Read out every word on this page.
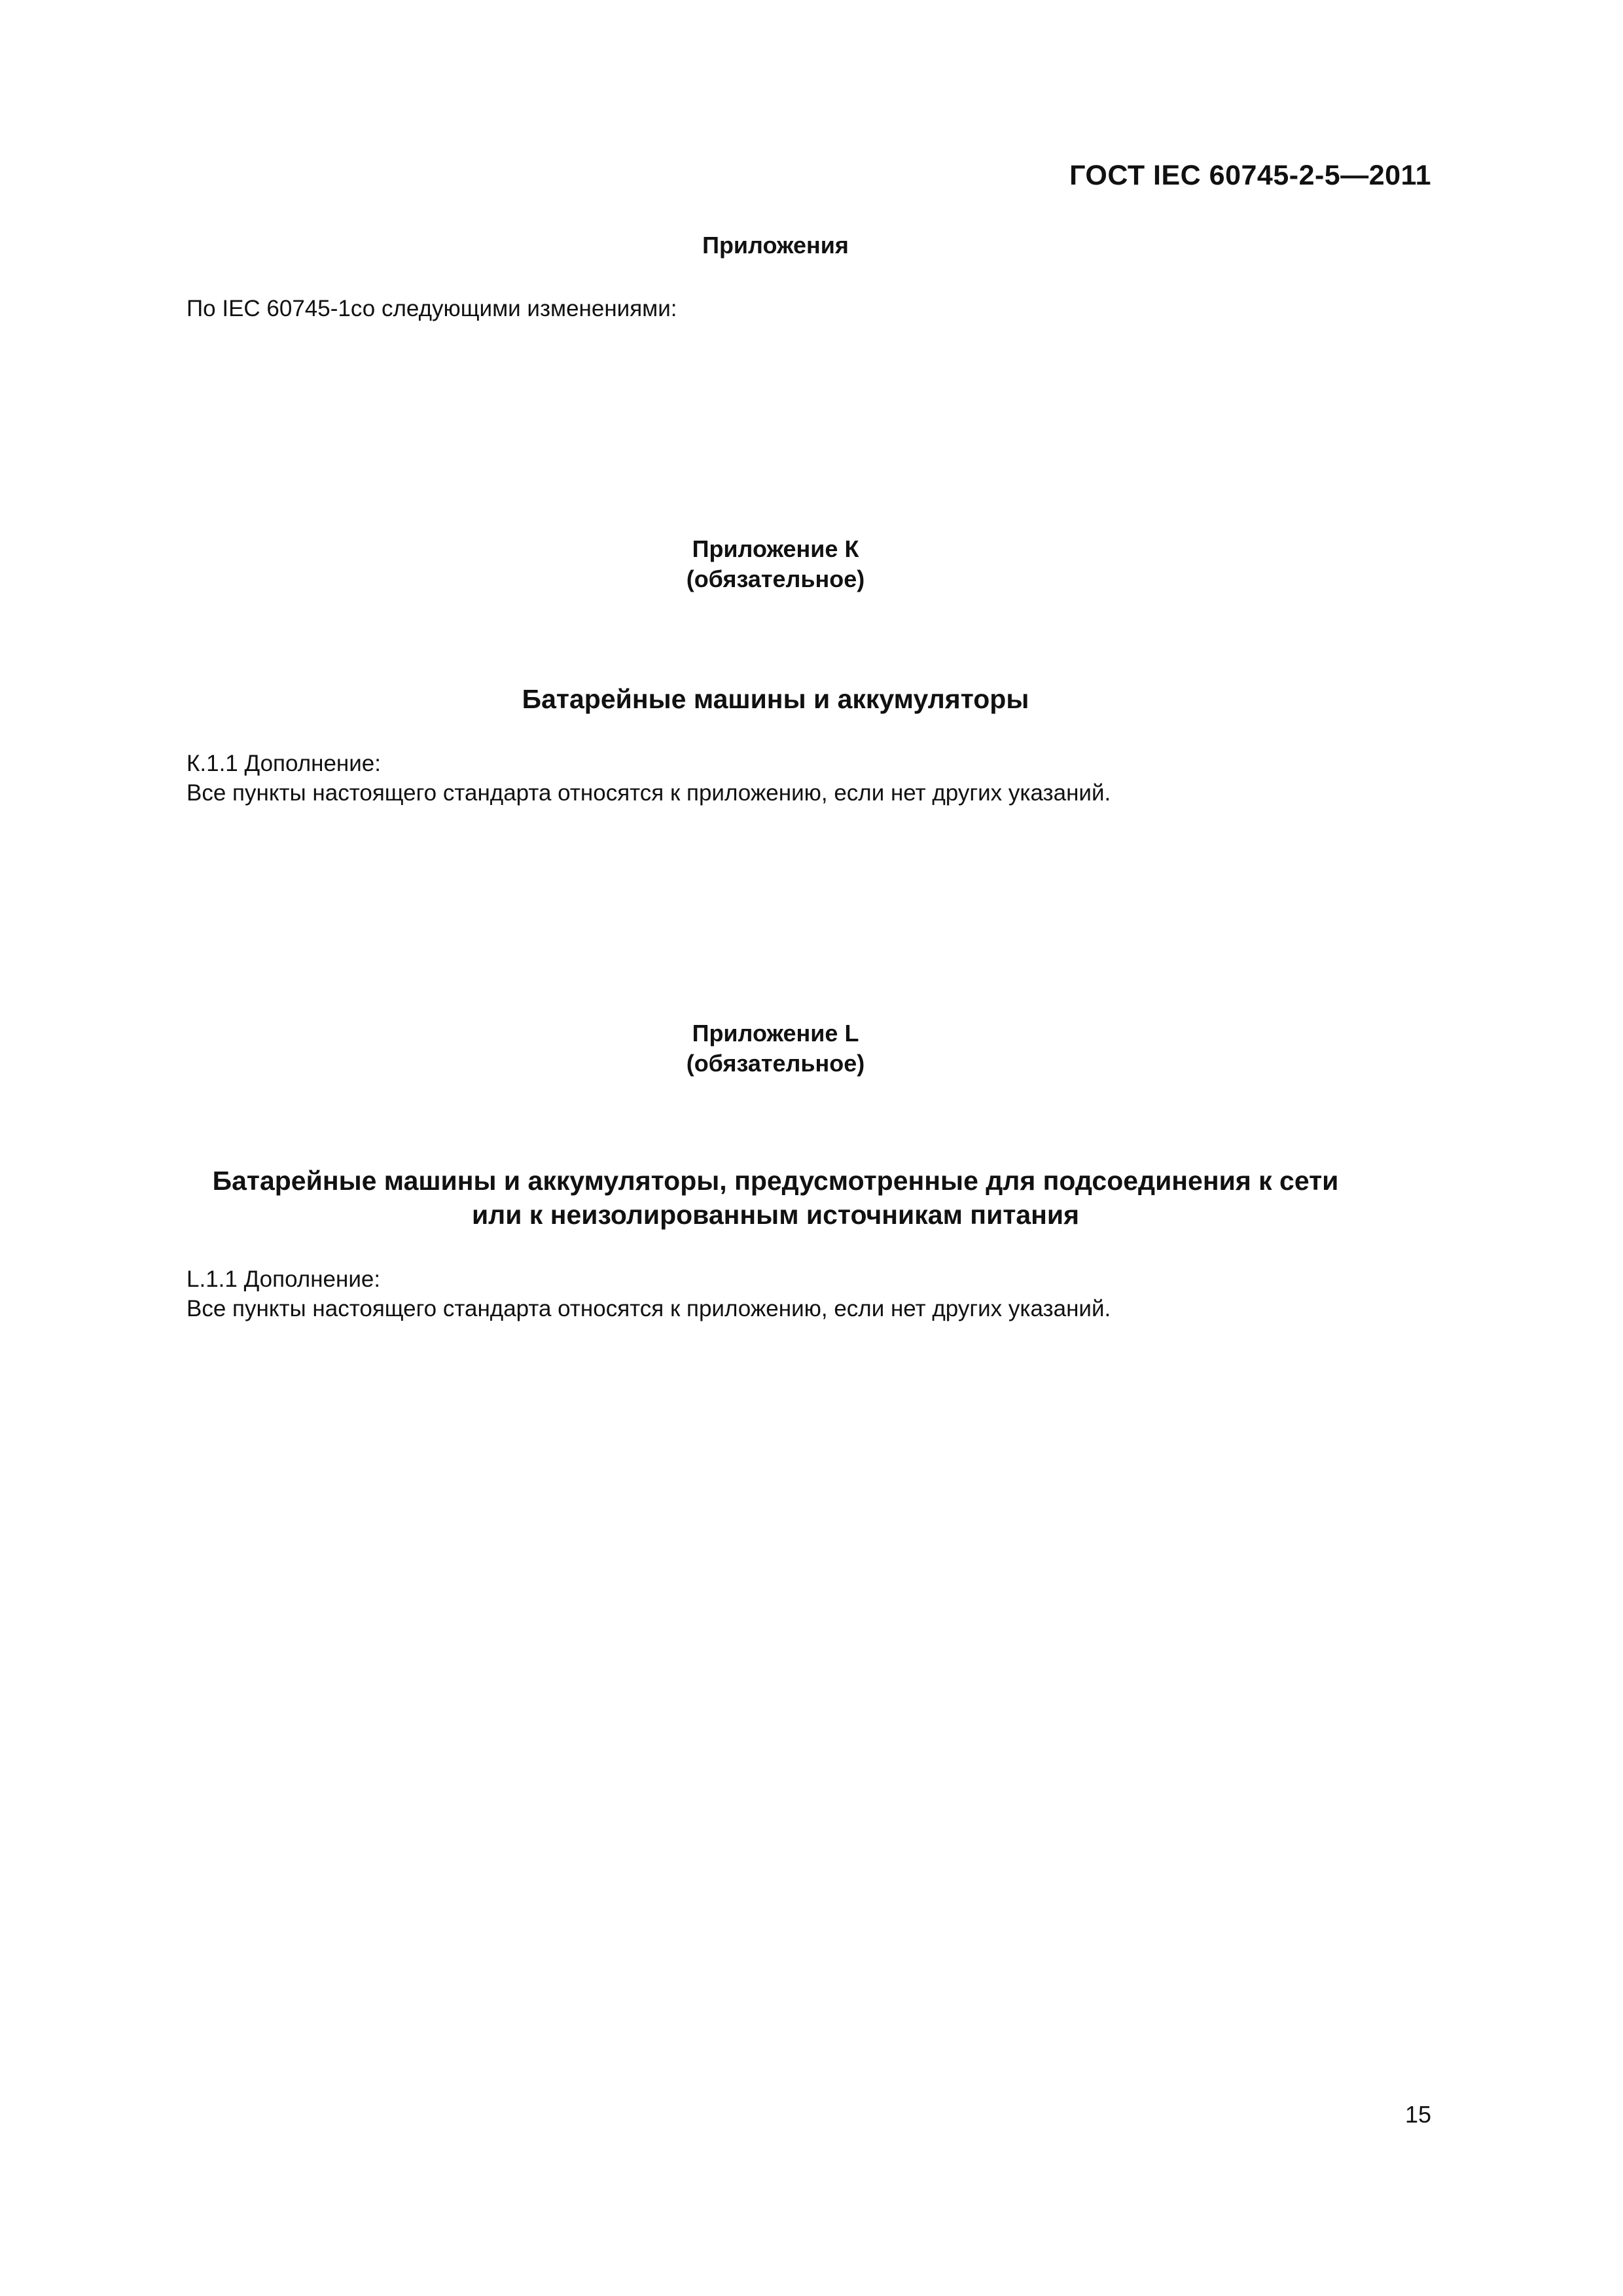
ГОСТ IEC 60745-2-5—2011
Приложения
По IEC 60745-1со следующими изменениями:
Приложение К
(обязательное)
Батарейные машины и аккумуляторы
К.1.1 Дополнение:
Все пункты настоящего стандарта относятся к приложению, если нет других указаний.
Приложение L
(обязательное)
Батарейные машины и аккумуляторы, предусмотренные для подсоединения к сети
или к неизолированным источникам питания
L.1.1 Дополнение:
Все пункты настоящего стандарта относятся к приложению, если нет других указаний.
15
